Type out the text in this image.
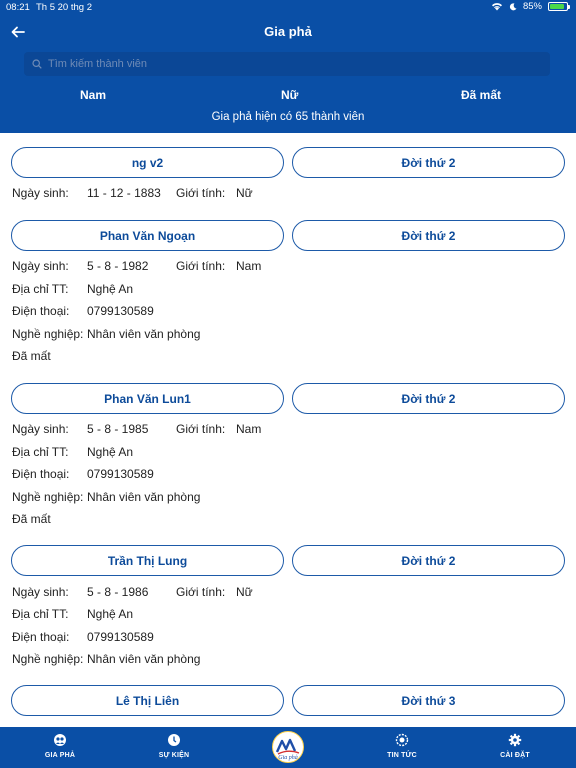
08:21 Th 5 20 thg 2	85%
Gia phả
Tìm kiếm thành viên
Nam	Nữ	Đã mất
Gia phả hiện có 65 thành viên
ng v2	Đời thứ 2
Ngày sinh: 11 - 12 - 1883 Giới tính: Nữ
Phan Văn Ngoạn	Đời thứ 2
Ngày sinh: 5 - 8 - 1982 Giới tính: Nam
Địa chỉ TT: Nghệ An
Điện thoại: 0799130589
Nghề nghiệp: Nhân viên văn phòng
Đã mất
Phan Văn Lun1	Đời thứ 2
Ngày sinh: 5 - 8 - 1985 Giới tính: Nam
Địa chỉ TT: Nghệ An
Điện thoại: 0799130589
Nghề nghiệp: Nhân viên văn phòng
Đã mất
Trần Thị Lung	Đời thứ 2
Ngày sinh: 5 - 8 - 1986 Giới tính: Nữ
Địa chỉ TT: Nghệ An
Điện thoại: 0799130589
Nghề nghiệp: Nhân viên văn phòng
Lê Thị Liên	Đời thứ 3
GIA PHẢ	SỰ KIỆN	Gia phả	TIN TỨC	CÀI ĐẶT
